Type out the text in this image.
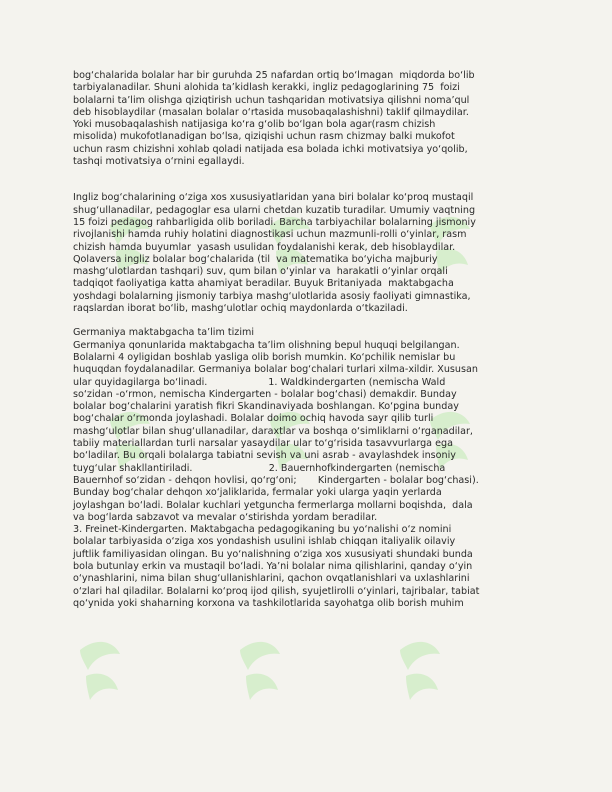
bog‘chalarida bolalar har bir guruhda 25 nafardan ortiq bo‘lmagan  miqdorda bo‘lib
tarbiyalanadilar. Shuni alohida ta’kidlash kerakki, ingliz pedagoglarining 75  foizi
bolalarni ta’lim olishga qiziqtirish uchun tashqaridan motivatsiya qilishni noma’qul
deb hisoblaydilar (masalan bolalar o‘rtasida musobaqalashishni) taklif qilmaydilar.
Yoki musobaqalashish natijasiga ko‘ra g‘olib bo‘lgan bola agar(rasm chizish
misolida) mukofotlanadigan bo‘lsa, qiziqishi uchun rasm chizmay balki mukofot
uchun rasm chizishni xohlab qoladi natijada esa bolada ichki motivatsiya yo‘qolib,
tashqi motivatsiya o‘rnini egallaydi.

Ingliz bog‘chalarining o‘ziga xos xususiyatlaridan yana biri bolalar ko‘proq mustaqil
shug‘ullanadilar, pedagoglar esa ularni chetdan kuzatib turadilar. Umumiy vaqtning
15 foizi pedagog rahbarligida olib boriladi. Barcha tarbiyachilar bolalarning jismoniy
rivojlanishi hamda ruhiy holatini diagnostikasi uchun mazmunli-rolli o‘yinlar, rasm
chizish hamda buyumlar  yasash usulidan foydalanishi kerak, deb hisoblaydilar.
Qolaversa ingliz bolalar bog‘chalarida (til  va matematika bo‘yicha majburiy
mashg‘ulotlardan tashqari) suv, qum bilan o‘yinlar va  harakatli o‘yinlar orqali
tadqiqot faoliyatiga katta ahamiyat beradilar. Buyuk Britaniyada  maktabgacha
yoshdagi bolalarning jismoniy tarbiya mashg‘ulotlarida asosiy faoliyati gimnastika,
raqslardan iborat bo‘lib, mashg‘ulotlar ochiq maydonlarda o‘tkaziladi.

Germaniya maktabgacha ta’lim tizimi
Germaniya qonunlarida maktabgacha ta’lim olishning bepul huquqi belgilangan.
Bolalarni 4 oyligidan boshlab yasliga olib borish mumkin. Ko‘pchilik nemislar bu
huquqdan foydalanadilar. Germaniya bolalar bog‘chalari turlari xilma-xildir. Xususan
ular quyidagilarga bo‘linadi.                    1. Waldkindergarten (nemischa Wald
so‘zidan -o‘rmon, nemischa Kindergarten - bolalar bog‘chasi) demakdir. Bunday
bolalar bog‘chalarini yaratish fikri Skandinaviyada boshlangan. Ko‘pgina bunday
bog‘chalar o‘rmonda joylashadi. Bolalar doimo ochiq havoda sayr qilib turli
mashg‘ulotlar bilan shug‘ullanadilar, daraxtlar va boshqa o‘simliklarni o‘rganadilar,
tabiiy materiallardan turli narsalar yasaydilar ular to‘g‘risida tasavvurlarga ega
bo‘ladilar. Bu orqali bolalarga tabiatni sevish va uni asrab - avaylashdek insoniy
tuyg‘ular shakllantiriladi.                         2. Bauernhofkindergarten (nemischa
Bauernhof so‘zidan - dehqon hovlisi, qo‘rg‘oni;       Kindergarten - bolalar bog‘chasi).
Bunday bog‘chalar dehqon xo‘jaliklarida, fermalar yoki ularga yaqin yerlarda
joylashgan bo‘ladi. Bolalar kuchlari yetguncha fermerlarga mollarni boqishda,  dala
va bog‘larda sabzavot va mevalar o‘stirishda yordam beradilar.
3. Freinet-Kindergarten. Maktabgacha pedagogikaning bu yo‘nalishi o‘z nomini
bolalar tarbiyasida o‘ziga xos yondashish usulini ishlab chiqqan italiyalik oilaviy
juftlik familiyasidan olingan. Bu yo‘nalishning o‘ziga xos xususiyati shundaki bunda
bola butunlay erkin va mustaqil bo‘ladi. Ya’ni bolalar nima qilishlarini, qanday o‘yin
o‘ynashlarini, nima bilan shug‘ullanishlarini, qachon ovqatlanishlari va uxlashlarini
o‘zlari hal qiladilar. Bolalarni ko‘proq ijod qilish, syujetlirolli o‘yinlari, tajribalar, tabiat
qo‘ynida yoki shaharning korxona va tashkilotlarida sayohatga olib borish muhim
